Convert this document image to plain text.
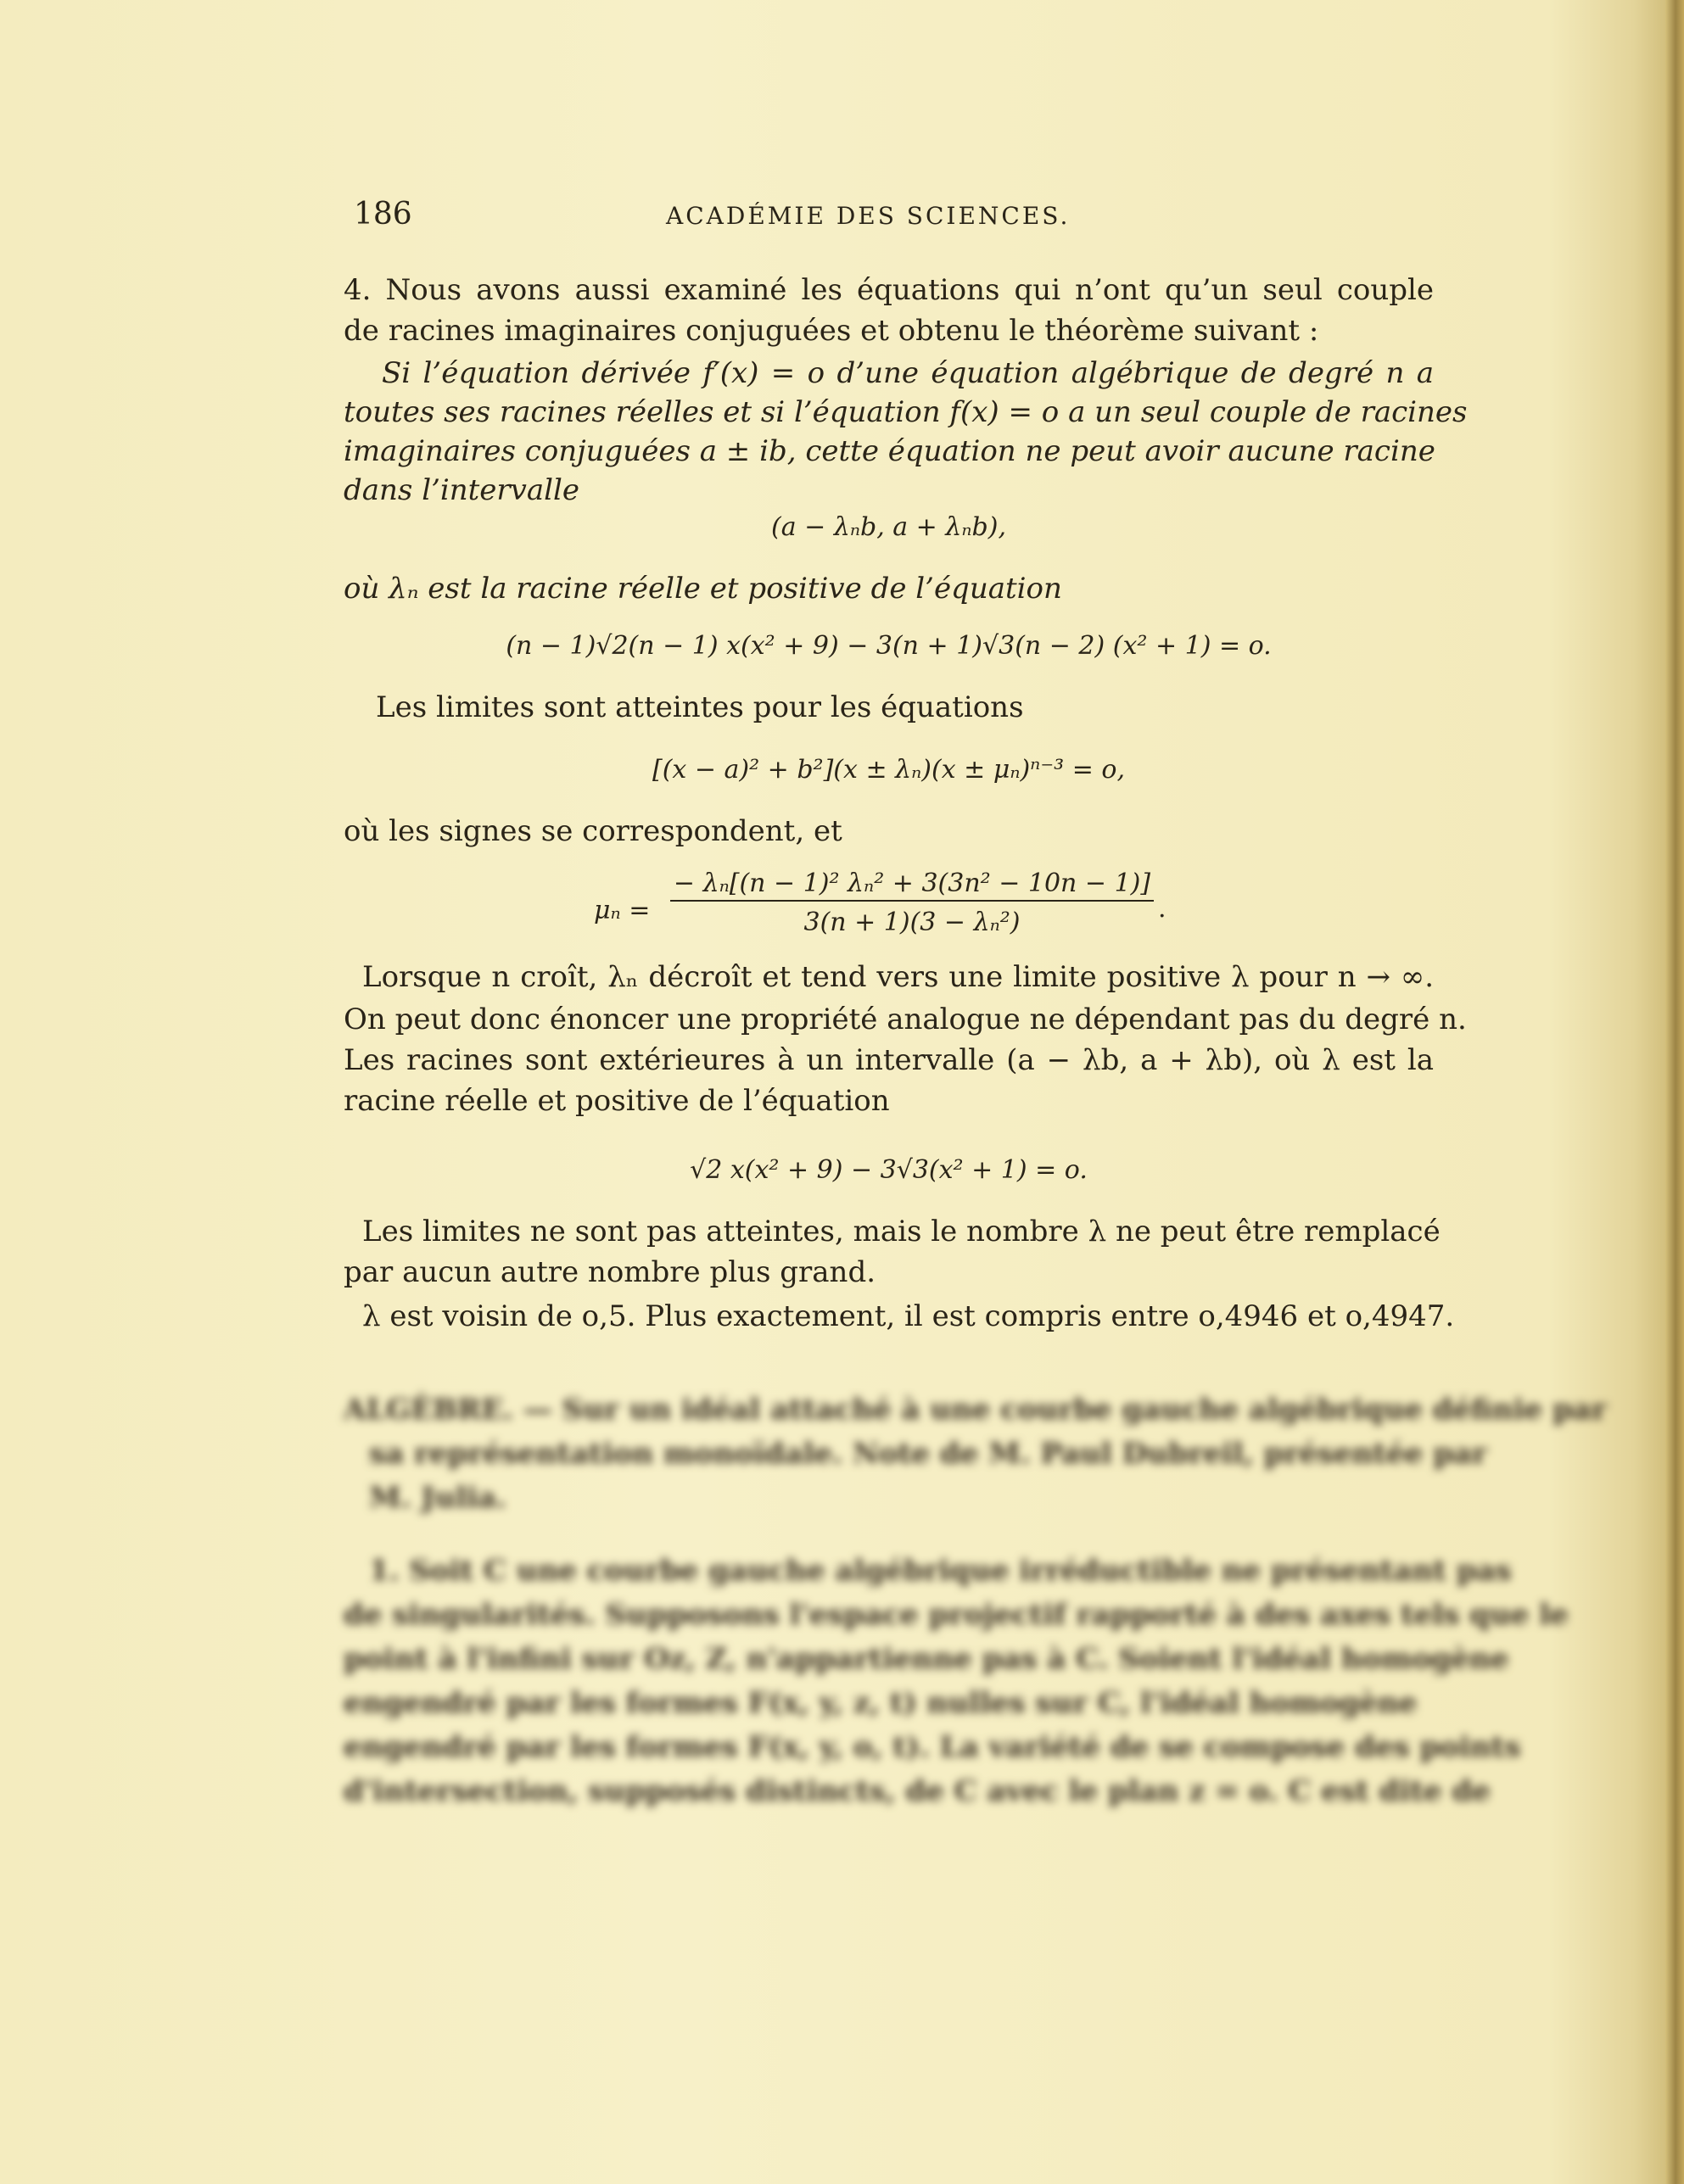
186	ACADÉMIE DES SCIENCES.
4. Nous avons aussi examiné les équations qui n’ont qu’un seul couple
de racines imaginaires conjuguées et obtenu le théorème suivant :
Si l’équation dérivée f′(x) = o d’une équation algébrique de degré n a
toutes ses racines réelles et si l’équation f(x) = o a un seul couple de racines
imaginaires conjuguées a ± ib, cette équation ne peut avoir aucune racine
dans l’intervalle
(a − λₙb, a + λₙb),
où λₙ est la racine réelle et positive de l’équation
(n − 1)√2(n − 1) x(x² + 9) − 3(n + 1)√3(n − 2) (x² + 1) = o.
Les limites sont atteintes pour les équations
[(x − a)² + b²](x ± λₙ)(x ± μₙ)ⁿ⁻³ = o,
où les signes se correspondent, et
μₙ =
− λₙ[(n − 1)² λₙ² + 3(3n² − 10n − 1)]
3(n + 1)(3 − λₙ²)	.
Lorsque n croît, λₙ décroît et tend vers une limite positive λ pour n → ∞.
On peut donc énoncer une propriété analogue ne dépendant pas du degré n.
Les racines sont extérieures à un intervalle (a − λb, a + λb), où λ est la
racine réelle et positive de l’équation
√2 x(x² + 9) − 3√3(x² + 1) = o.
Les limites ne sont pas atteintes, mais le nombre λ ne peut être remplacé
par aucun autre nombre plus grand.
λ est voisin de o,5. Plus exactement, il est compris entre o,4946 et o,4947.
ALGÈBRE. — Sur un idéal attaché à une courbe gauche algébrique définie par
sa représentation monoïdale. Note de M. Paul Dubreil, présentée par
M. Julia.
1. Soit C une courbe gauche algébrique irréductible ne présentant pas
de singularités. Supposons l'espace projectif rapporté à des axes tels que le
point à l'infini sur Oz, Z, n'appartienne pas à C. Soient l'idéal homogène
engendré par les formes F(x, y, z, t) nulles sur C, l'idéal homogène
engendré par les formes F(x, y, o, t). La variété de se compose des points
d'intersection, supposés distincts, de C avec le plan z = o. C est dite de
